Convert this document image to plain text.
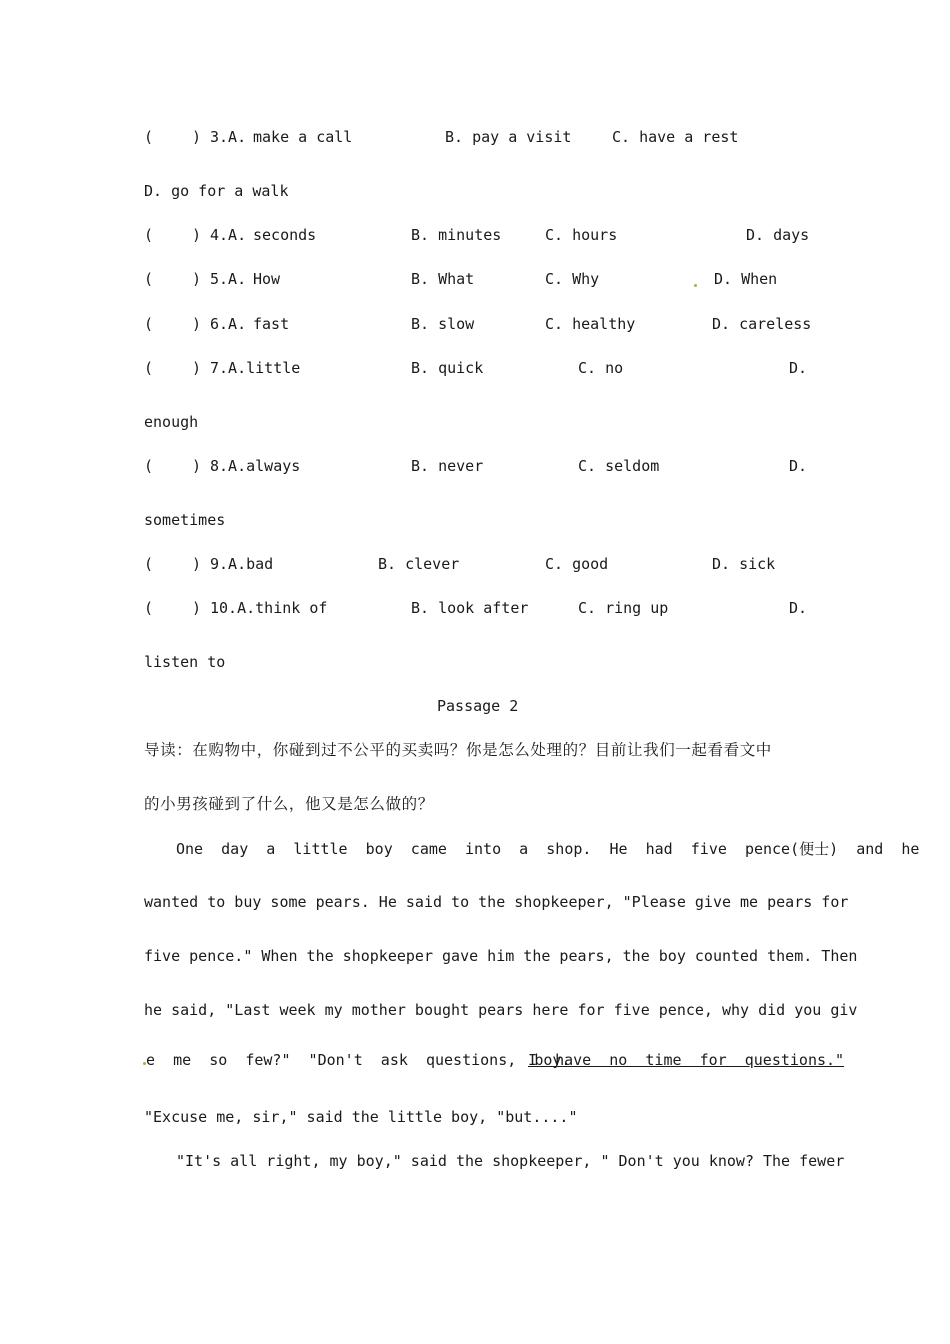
(	) 3.A. make a call	B. pay a visit	C. have a rest
D. go for a walk
(	) 4.A. seconds	B. minutes	C. hours	D. days
(	) 5.A. How	B. What	C. Why	D. When
(	) 6.A. fast	B. slow	C. healthy	D. careless
(	) 7.A.little	B. quick	C. no	D.
enough
(	) 8.A.always	B. never	C. seldom	D.
sometimes
(	) 9.A.bad	B. clever	C. good	D. sick
(	) 10.A.think of	B. look after	C. ring up	D.
listen to
Passage 2
导读：在购物中，你碰到过不公平的买卖吗？你是怎么处理的？目前让我们一起看看文中
的小男孩碰到了什么，他又是怎么做的？
One  day  a  little  boy  came  into  a  shop.  He  had  five  pence(便士)  and  he
wanted to buy some pears. He said to the shopkeeper, "Please give me pears for
five pence." When the shopkeeper gave him the pears, the boy counted them. Then
he said, "Last week my mother bought pears here for five pence, why did you giv
e  me  so  few?"  "Don't  ask  questions,  boy.
I  have  no  time  for  questions."
"Excuse me, sir," said the little boy, "but...."
"It's all right, my boy," said the shopkeeper, " Don't you know? The fewer
